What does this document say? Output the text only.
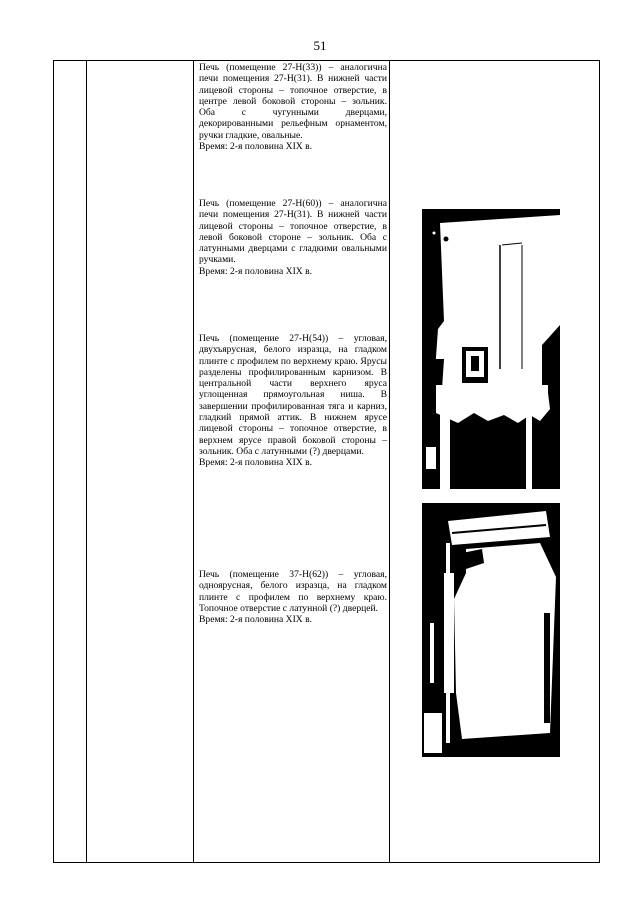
51

Печь (помещение 27-Н(33)) – аналогична печи помещения 27-Н(31). В нижней части лицевой стороны – топочное отверстие, в центре левой боковой стороны – зольник. Оба с чугунными дверцами, декорированными рельефным орнаментом, ручки гладкие, овальные.

Время: 2-я половина XIX в.

Печь (помещение 27-Н(60)) – аналогична печи помещения 27-Н(31). В нижней части лицевой стороны – топочное отверстие, в левой боковой стороне – зольник. Оба с латунными дверцами с гладкими овальными ручками.

Время: 2-я половина XIX в.

Печь (помещение 27-Н(54)) – угловая, двухъярусная, белого изразца, на гладком плинте с профилем по верхнему краю. Ярусы разделены профилированным карнизом. В центральной части верхнего яруса углощенная прямоугольная ниша. В завершении профилированная тяга и карниз, гладкий прямой аттик. В нижнем ярусе лицевой стороны – топочное отверстие, в верхнем ярусе правой боковой стороны – зольник. Оба с латунными (?) дверцами.

Время: 2-я половина XIX в.

Печь (помещение 37-Н(62)) – угловая, одноярусная, белого изразца, на гладком плинте с профилем по верхнему краю. Топочное отверстие с латунной (?) дверцей.

Время: 2-я половина XIX в.
